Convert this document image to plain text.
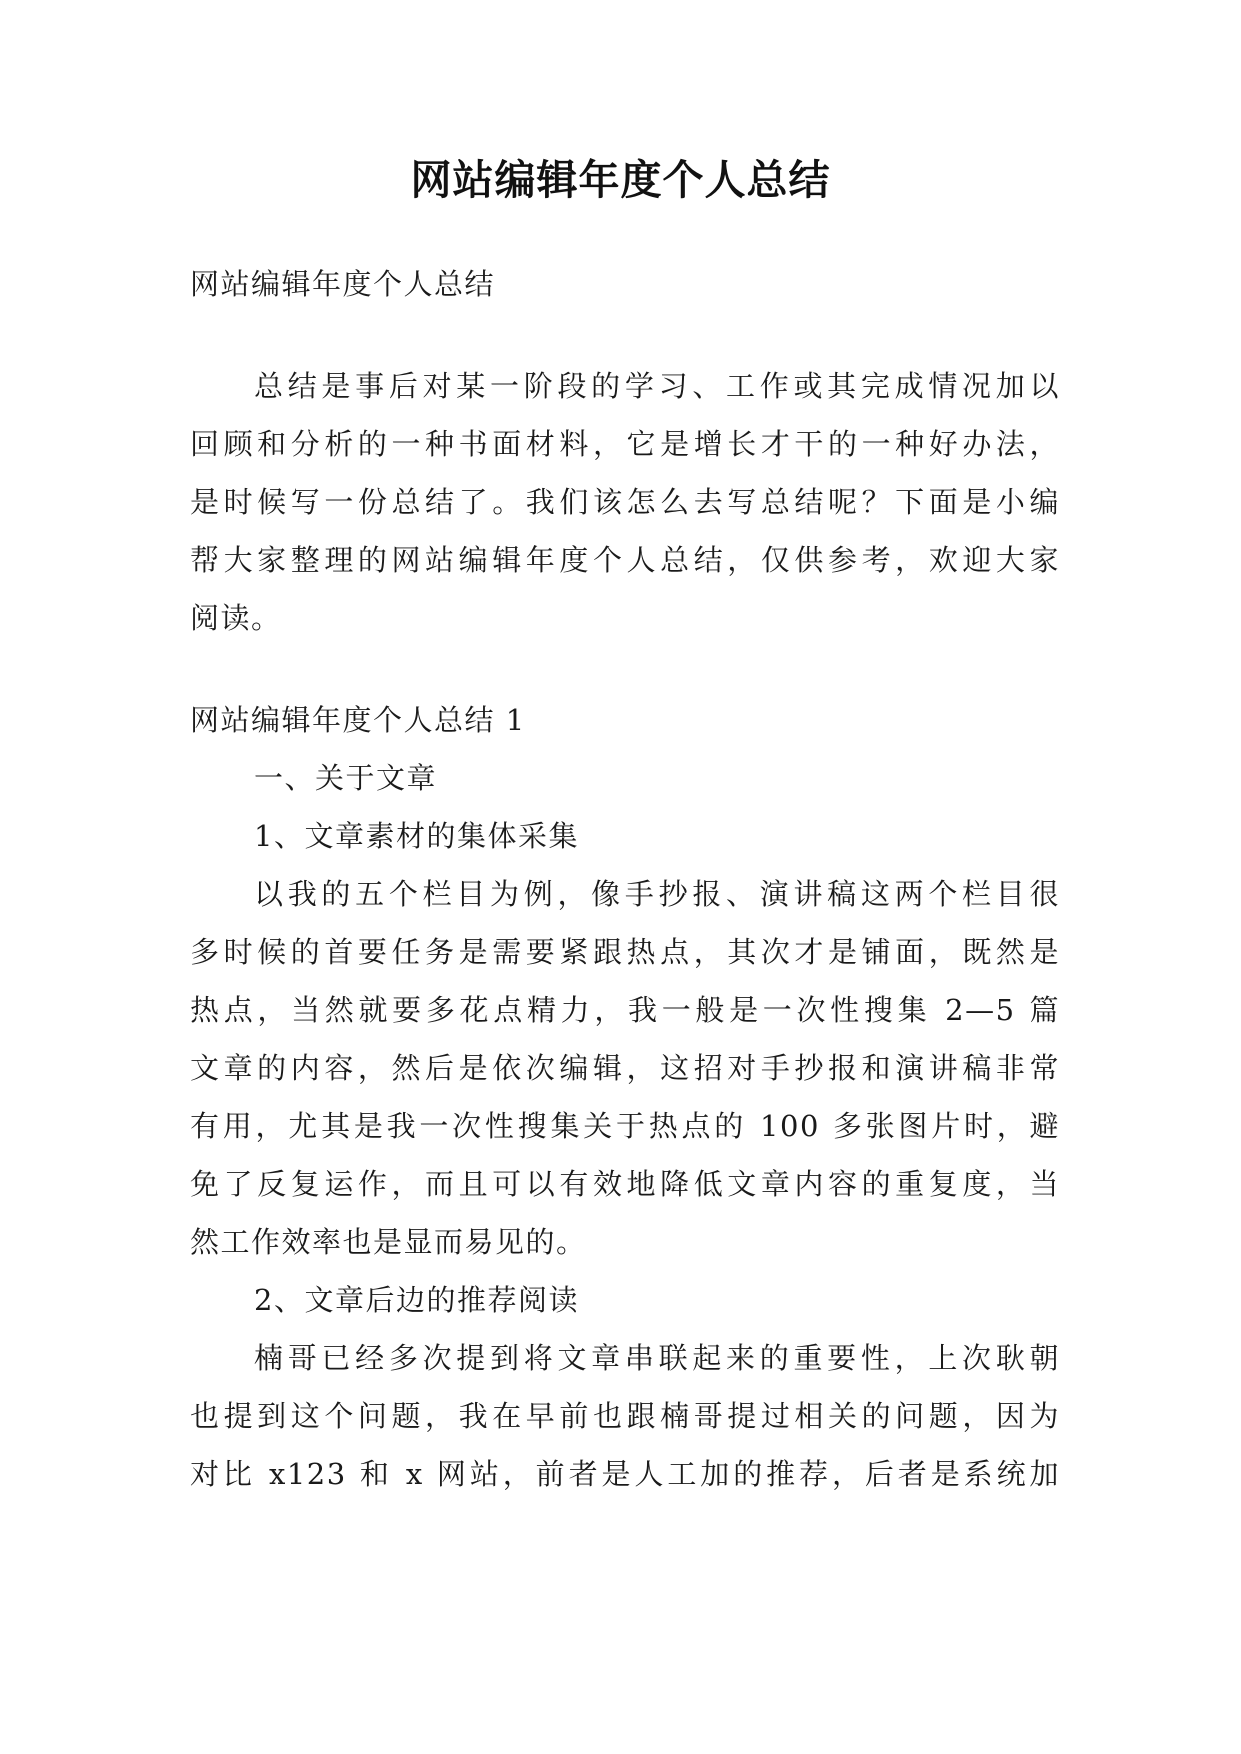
网站编辑年度个人总结
网站编辑年度个人总结
总结是事后对某一阶段的学习、工作或其完成情况加以
回顾和分析的一种书面材料，它是增长才干的一种好办法，
是时候写一份总结了。我们该怎么去写总结呢？下面是小编
帮大家整理的网站编辑年度个人总结，仅供参考，欢迎大家
阅读。
网站编辑年度个人总结 1
一、关于文章
1、文章素材的集体采集
以我的五个栏目为例，像手抄报、演讲稿这两个栏目很
多时候的首要任务是需要紧跟热点，其次才是铺面，既然是
热点，当然就要多花点精力，我一般是一次性搜集 2—5 篇
文章的内容，然后是依次编辑，这招对手抄报和演讲稿非常
有用，尤其是我一次性搜集关于热点的 100 多张图片时，避
免了反复运作，而且可以有效地降低文章内容的重复度，当
然工作效率也是显而易见的。
2、文章后边的推荐阅读
楠哥已经多次提到将文章串联起来的重要性，上次耿朝
也提到这个问题，我在早前也跟楠哥提过相关的问题，因为
对比 x123 和 x 网站，前者是人工加的推荐，后者是系统加
